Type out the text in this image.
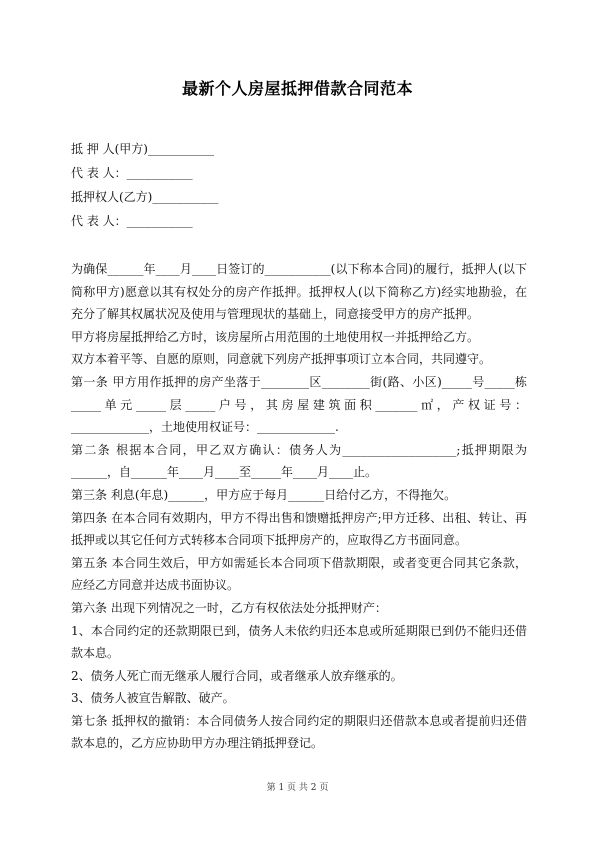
最新个人房屋抵押借款合同范本
抵 押 人(甲方)___________
代 表 人：___________
抵押权人(乙方)___________
代 表 人：___________

为确保______年____月____日签订的___________(以下称本合同)的履行，抵押人(以下简称甲方)愿意以其有权处分的房产作抵押。抵押权人(以下简称乙方)经实地勘验，在充分了解其权属状况及使用与管理现状的基础上，同意接受甲方的房产抵押。

甲方将房屋抵押给乙方时，该房屋所占用范围的土地使用权一并抵押给乙方。

双方本着平等、自愿的原则，同意就下列房产抵押事项订立本合同，共同遵守。

第一条 甲方用作抵押的房产坐落于________区________街(路、小区)_____号_____栋_____单元_____层_____户号，其房屋建筑面积_______㎡，产权证号：_____________，土地使用权证号：_____________.

第二条 根据本合同，甲乙双方确认：债务人为___________________;抵押期限为______，自______年____月____至_____年____月____止。

第三条 利息(年息)______，甲方应于每月______日给付乙方，不得拖欠。

第四条 在本合同有效期内，甲方不得出售和馈赠抵押房产;甲方迁移、出租、转让、再抵押或以其它任何方式转移本合同项下抵押房产的，应取得乙方书面同意。

第五条 本合同生效后，甲方如需延长本合同项下借款期限，或者变更合同其它条款，应经乙方同意并达成书面协议。

第六条 出现下列情况之一时，乙方有权依法处分抵押财产：

1、本合同约定的还款期限已到，债务人未依约归还本息或所延期限已到仍不能归还借款本息。

2、债务人死亡而无继承人履行合同，或者继承人放弃继承的。

3、债务人被宣告解散、破产。

第七条 抵押权的撤销：本合同债务人按合同约定的期限归还借款本息或者提前归还借款本息的，乙方应协助甲方办理注销抵押登记。

第 1 页 共 2 页
